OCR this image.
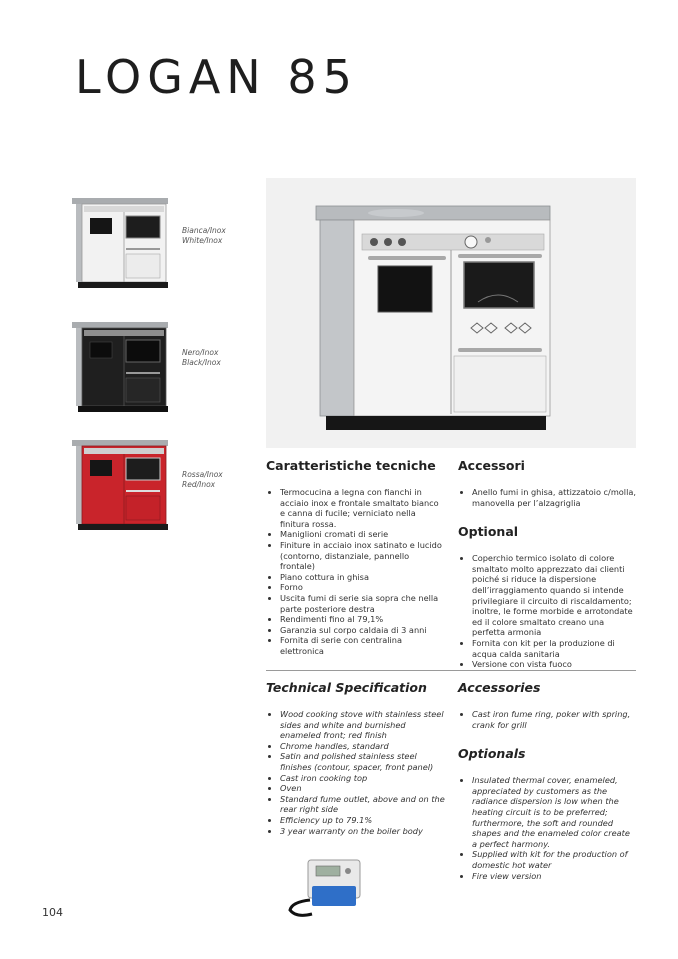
LOGAN 85
Bianca/Inox
White/Inox
Nero/Inox
Black/Inox
Rossa/Inox
Red/Inox
Caratteristiche tecniche
• Termocucina a legna con fianchi in acciaio inox e frontale smaltato bianco e canna di fucile; verniciato nella finitura rossa.
• Maniglioni cromati di serie
• Finiture in acciaio inox satinato e lucido (contorno, distanziale, pannello frontale)
• Piano cottura in ghisa
• Forno
• Uscita fumi di serie sia sopra che nella parte posteriore destra
• Rendimenti fino al 79,1%
• Garanzia sul corpo caldaia di 3 anni
• Fornita di serie con centralina elettronica
Accessori
• Anello fumi in ghisa, attizzatoio c/molla, manovella per l’alzagriglia
Optional
• Coperchio termico isolato di colore smaltato molto apprezzato dai clienti poiché si riduce la dispersione dell’irraggiamento quando si intende privilegiare il circuito di riscaldamento; inoltre, le forme morbide e arrotondate ed il colore smaltato creano una perfetta armonia
• Fornita con kit per la produzione di acqua calda sanitaria
• Versione con vista fuoco
Technical Specification
• Wood cooking stove with stainless steel sides and white and burnished enameled front; red finish
• Chrome handles, standard
• Satin and polished stainless steel finishes (contour, spacer, front panel)
• Cast iron cooking top
• Oven
• Standard fume outlet, above and on the rear right side
• Efficiency up to 79.1%
• 3 year warranty on the boiler body
Accessories
• Cast iron fume ring, poker with spring, crank for grill
Optionals
• Insulated thermal cover, enameled, appreciated by customers as the radiance dispersion is low when the heating circuit is to be preferred; furthermore, the soft and rounded shapes and the enameled color create a perfect harmony.
• Supplied with kit for the production of domestic hot water
• Fire view version
104
